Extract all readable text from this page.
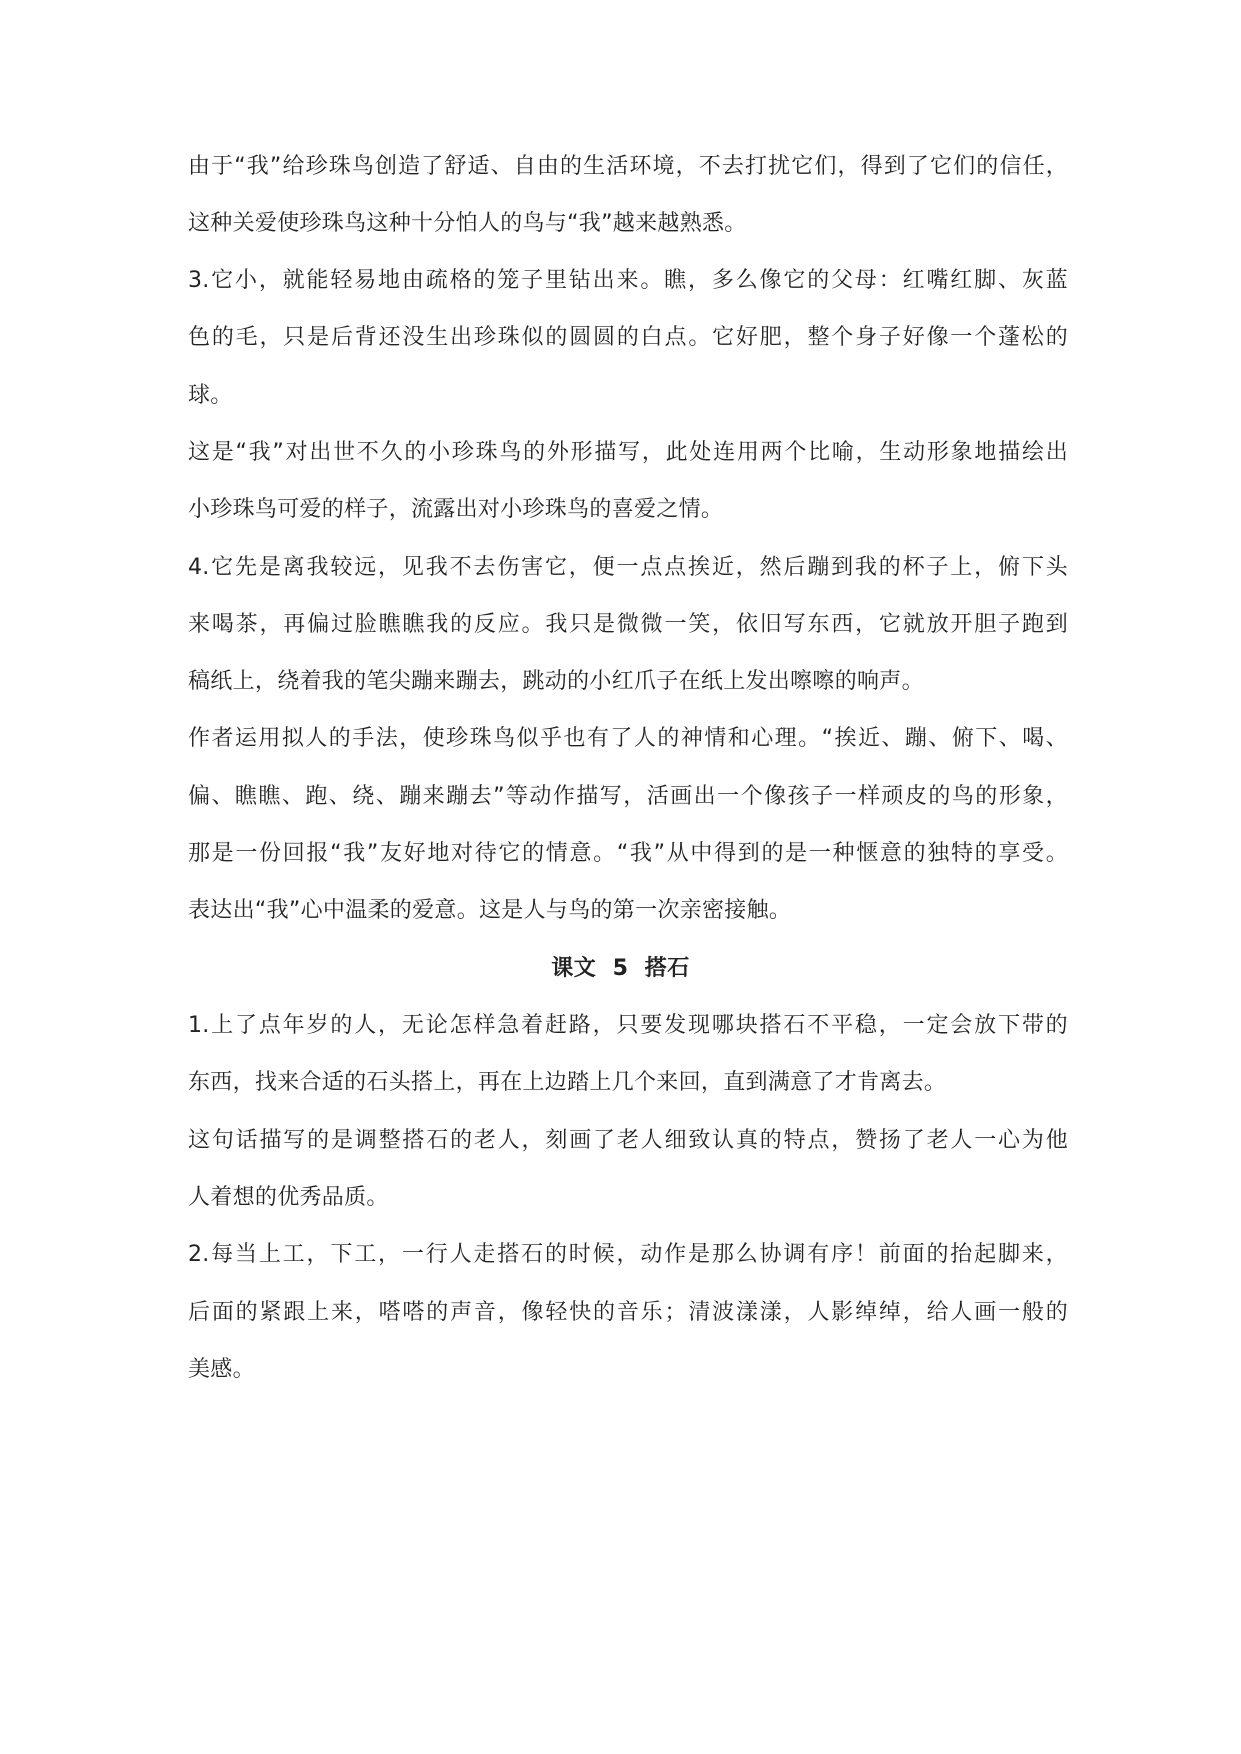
由于“我”给珍珠鸟创造了舒适、自由的生活环境，不去打扰它们，得到了它们的信任，
这种关爱使珍珠鸟这种十分怕人的鸟与“我”越来越熟悉。
3.它小，就能轻易地由疏格的笼子里钻出来。瞧，多么像它的父母：红嘴红脚、灰蓝
色的毛，只是后背还没生出珍珠似的圆圆的白点。它好肥，整个身子好像一个蓬松的
球。
这是“我”对出世不久的小珍珠鸟的外形描写，此处连用两个比喻，生动形象地描绘出
小珍珠鸟可爱的样子，流露出对小珍珠鸟的喜爱之情。
4.它先是离我较远，见我不去伤害它，便一点点挨近，然后蹦到我的杯子上，俯下头
来喝茶，再偏过脸瞧瞧我的反应。我只是微微一笑，依旧写东西，它就放开胆子跑到
稿纸上，绕着我的笔尖蹦来蹦去，跳动的小红爪子在纸上发出嚓嚓的响声。
作者运用拟人的手法，使珍珠鸟似乎也有了人的神情和心理。“挨近、蹦、俯下、喝、
偏、瞧瞧、跑、绕、蹦来蹦去”等动作描写，活画出一个像孩子一样顽皮的鸟的形象，
那是一份回报“我”友好地对待它的情意。“我”从中得到的是一种惬意的独特的享受。
表达出“我”心中温柔的爱意。这是人与鸟的第一次亲密接触。
课文  5  搭石
1.上了点年岁的人，无论怎样急着赶路，只要发现哪块搭石不平稳，一定会放下带的
东西，找来合适的石头搭上，再在上边踏上几个来回，直到满意了才肯离去。
这句话描写的是调整搭石的老人，刻画了老人细致认真的特点，赞扬了老人一心为他
人着想的优秀品质。
2.每当上工，下工，一行人走搭石的时候，动作是那么协调有序！前面的抬起脚来，
后面的紧跟上来，嗒嗒的声音，像轻快的音乐；清波漾漾，人影绰绰，给人画一般的
美感。
